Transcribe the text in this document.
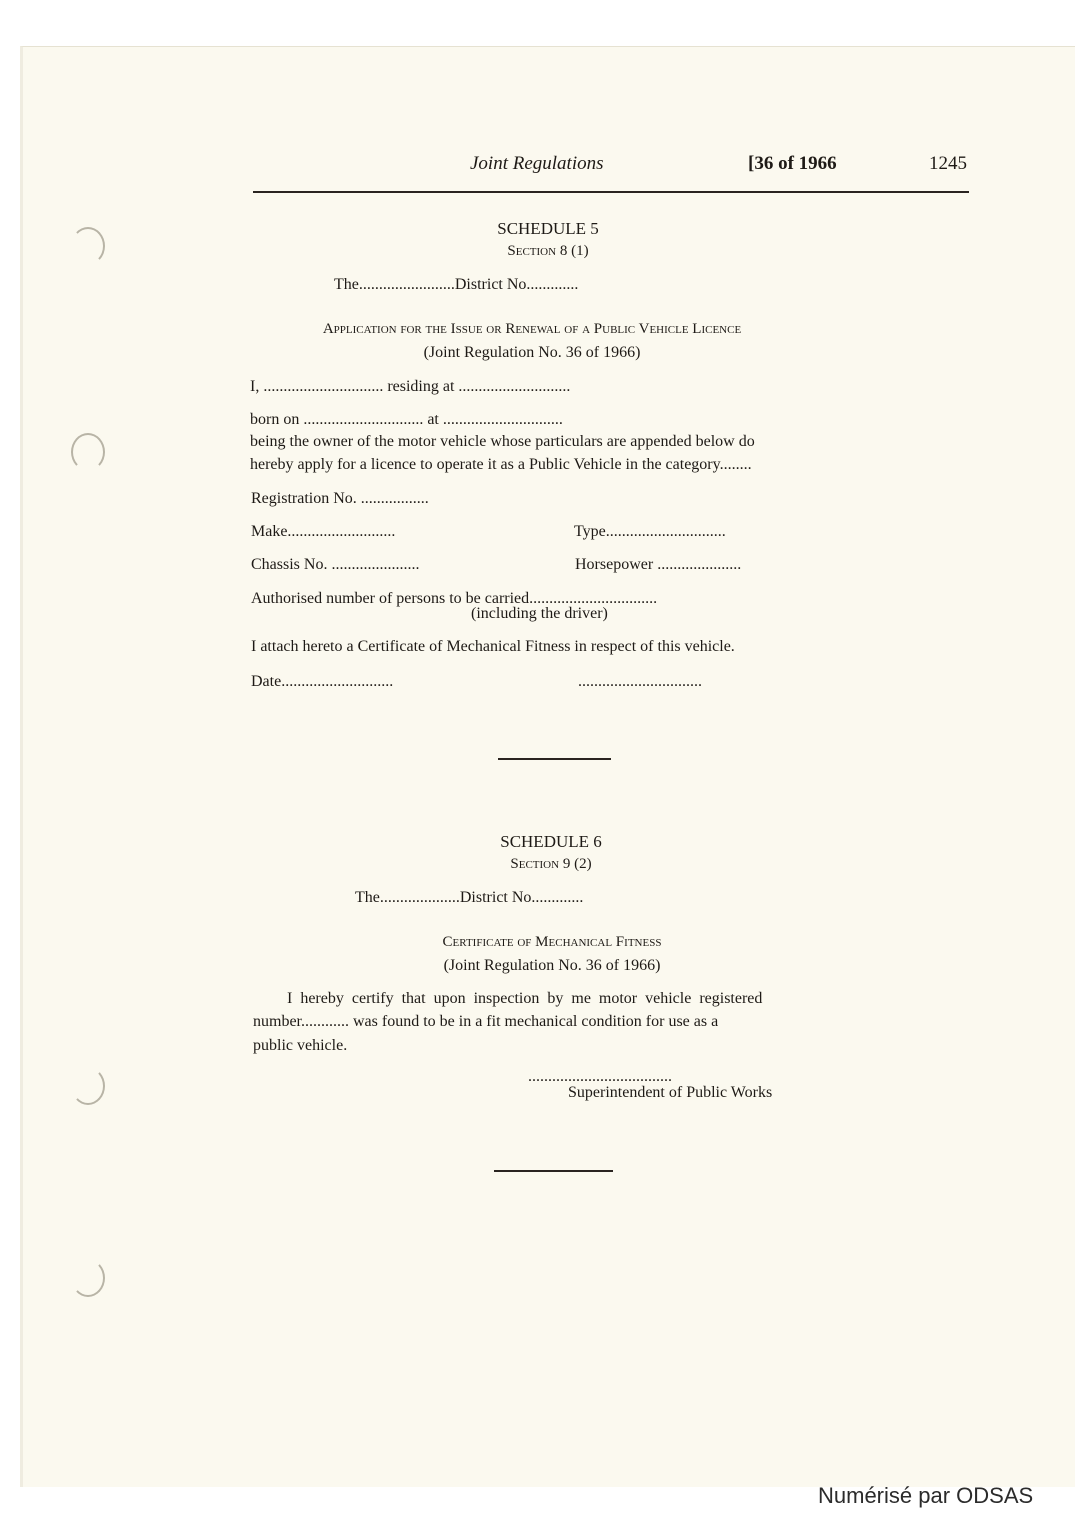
Joint Regulations	[36 of 1966	1245
SCHEDULE 5
Section 8 (1)
The........................District No.............
Application for the Issue or Renewal of a Public Vehicle Licence
(Joint Regulation No. 36 of 1966)
I, .............................. residing at ............................
born on .............................. at ..............................
being the owner of the motor vehicle whose particulars are appended below do
hereby apply for a licence to operate it as a Public Vehicle in the category........
Registration No. .................
Make...........................	Type..............................
Chassis No. ......................	Horsepower .....................
Authorised number of persons to be carried................................
(including the driver)
I attach hereto a Certificate of Mechanical Fitness in respect of this vehicle.
Date............................	...............................
SCHEDULE 6
Section 9 (2)
The....................District No.............
Certificate of Mechanical Fitness
(Joint Regulation No. 36 of 1966)
I hereby certify that upon inspection by me motor vehicle registered
number............ was found to be in a fit mechanical condition for use as a
public vehicle.
....................................
Superintendent of Public Works
Numérisé par ODSAS
